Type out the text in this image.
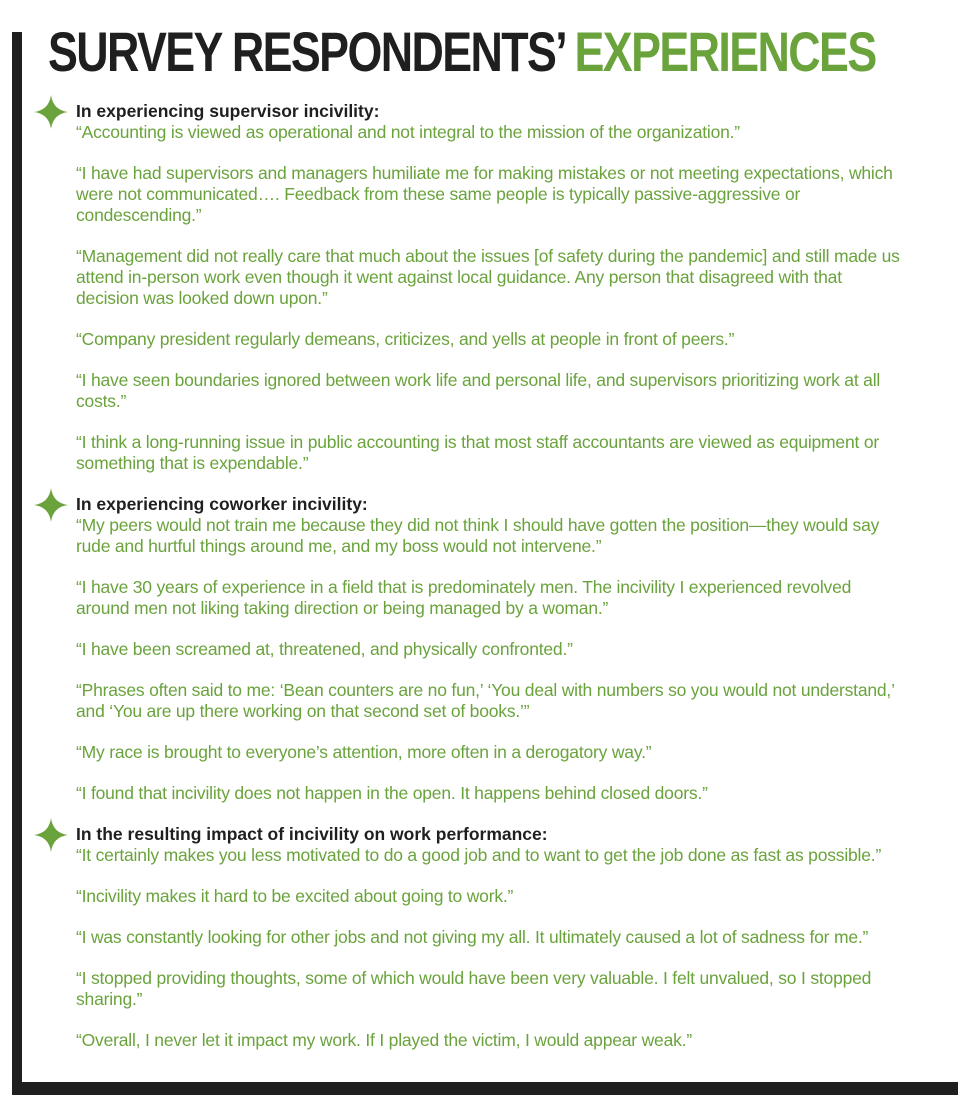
SURVEY RESPONDENTS’ EXPERIENCES

In experiencing supervisor incivility:

“Accounting is viewed as operational and not integral to the mission of the organization.”

“I have had supervisors and managers humiliate me for making mistakes or not meeting expectations, which were not communicated…. Feedback from these same people is typically passive-aggressive or condescending.”

“Management did not really care that much about the issues [of safety during the pandemic] and still made us attend in-person work even though it went against local guidance. Any person that disagreed with that decision was looked down upon.”

“Company president regularly demeans, criticizes, and yells at people in front of peers.”

“I have seen boundaries ignored between work life and personal life, and supervisors prioritizing work at all costs.”

“I think a long-running issue in public accounting is that most staff accountants are viewed as equipment or something that is expendable.”

In experiencing coworker incivility:

“My peers would not train me because they did not think I should have gotten the position—they would say rude and hurtful things around me, and my boss would not intervene.”

“I have 30 years of experience in a field that is predominately men. The incivility I experienced revolved around men not liking taking direction or being managed by a woman.”

“I have been screamed at, threatened, and physically confronted.”

“Phrases often said to me: ‘Bean counters are no fun,’ ‘You deal with numbers so you would not understand,’ and ‘You are up there working on that second set of books.’”

“My race is brought to everyone’s attention, more often in a derogatory way.”

“I found that incivility does not happen in the open. It happens behind closed doors.”

In the resulting impact of incivility on work performance:

“It certainly makes you less motivated to do a good job and to want to get the job done as fast as possible.”

“Incivility makes it hard to be excited about going to work.”

“I was constantly looking for other jobs and not giving my all. It ultimately caused a lot of sadness for me.”

“I stopped providing thoughts, some of which would have been very valuable. I felt unvalued, so I stopped sharing.”

“Overall, I never let it impact my work. If I played the victim, I would appear weak.”
